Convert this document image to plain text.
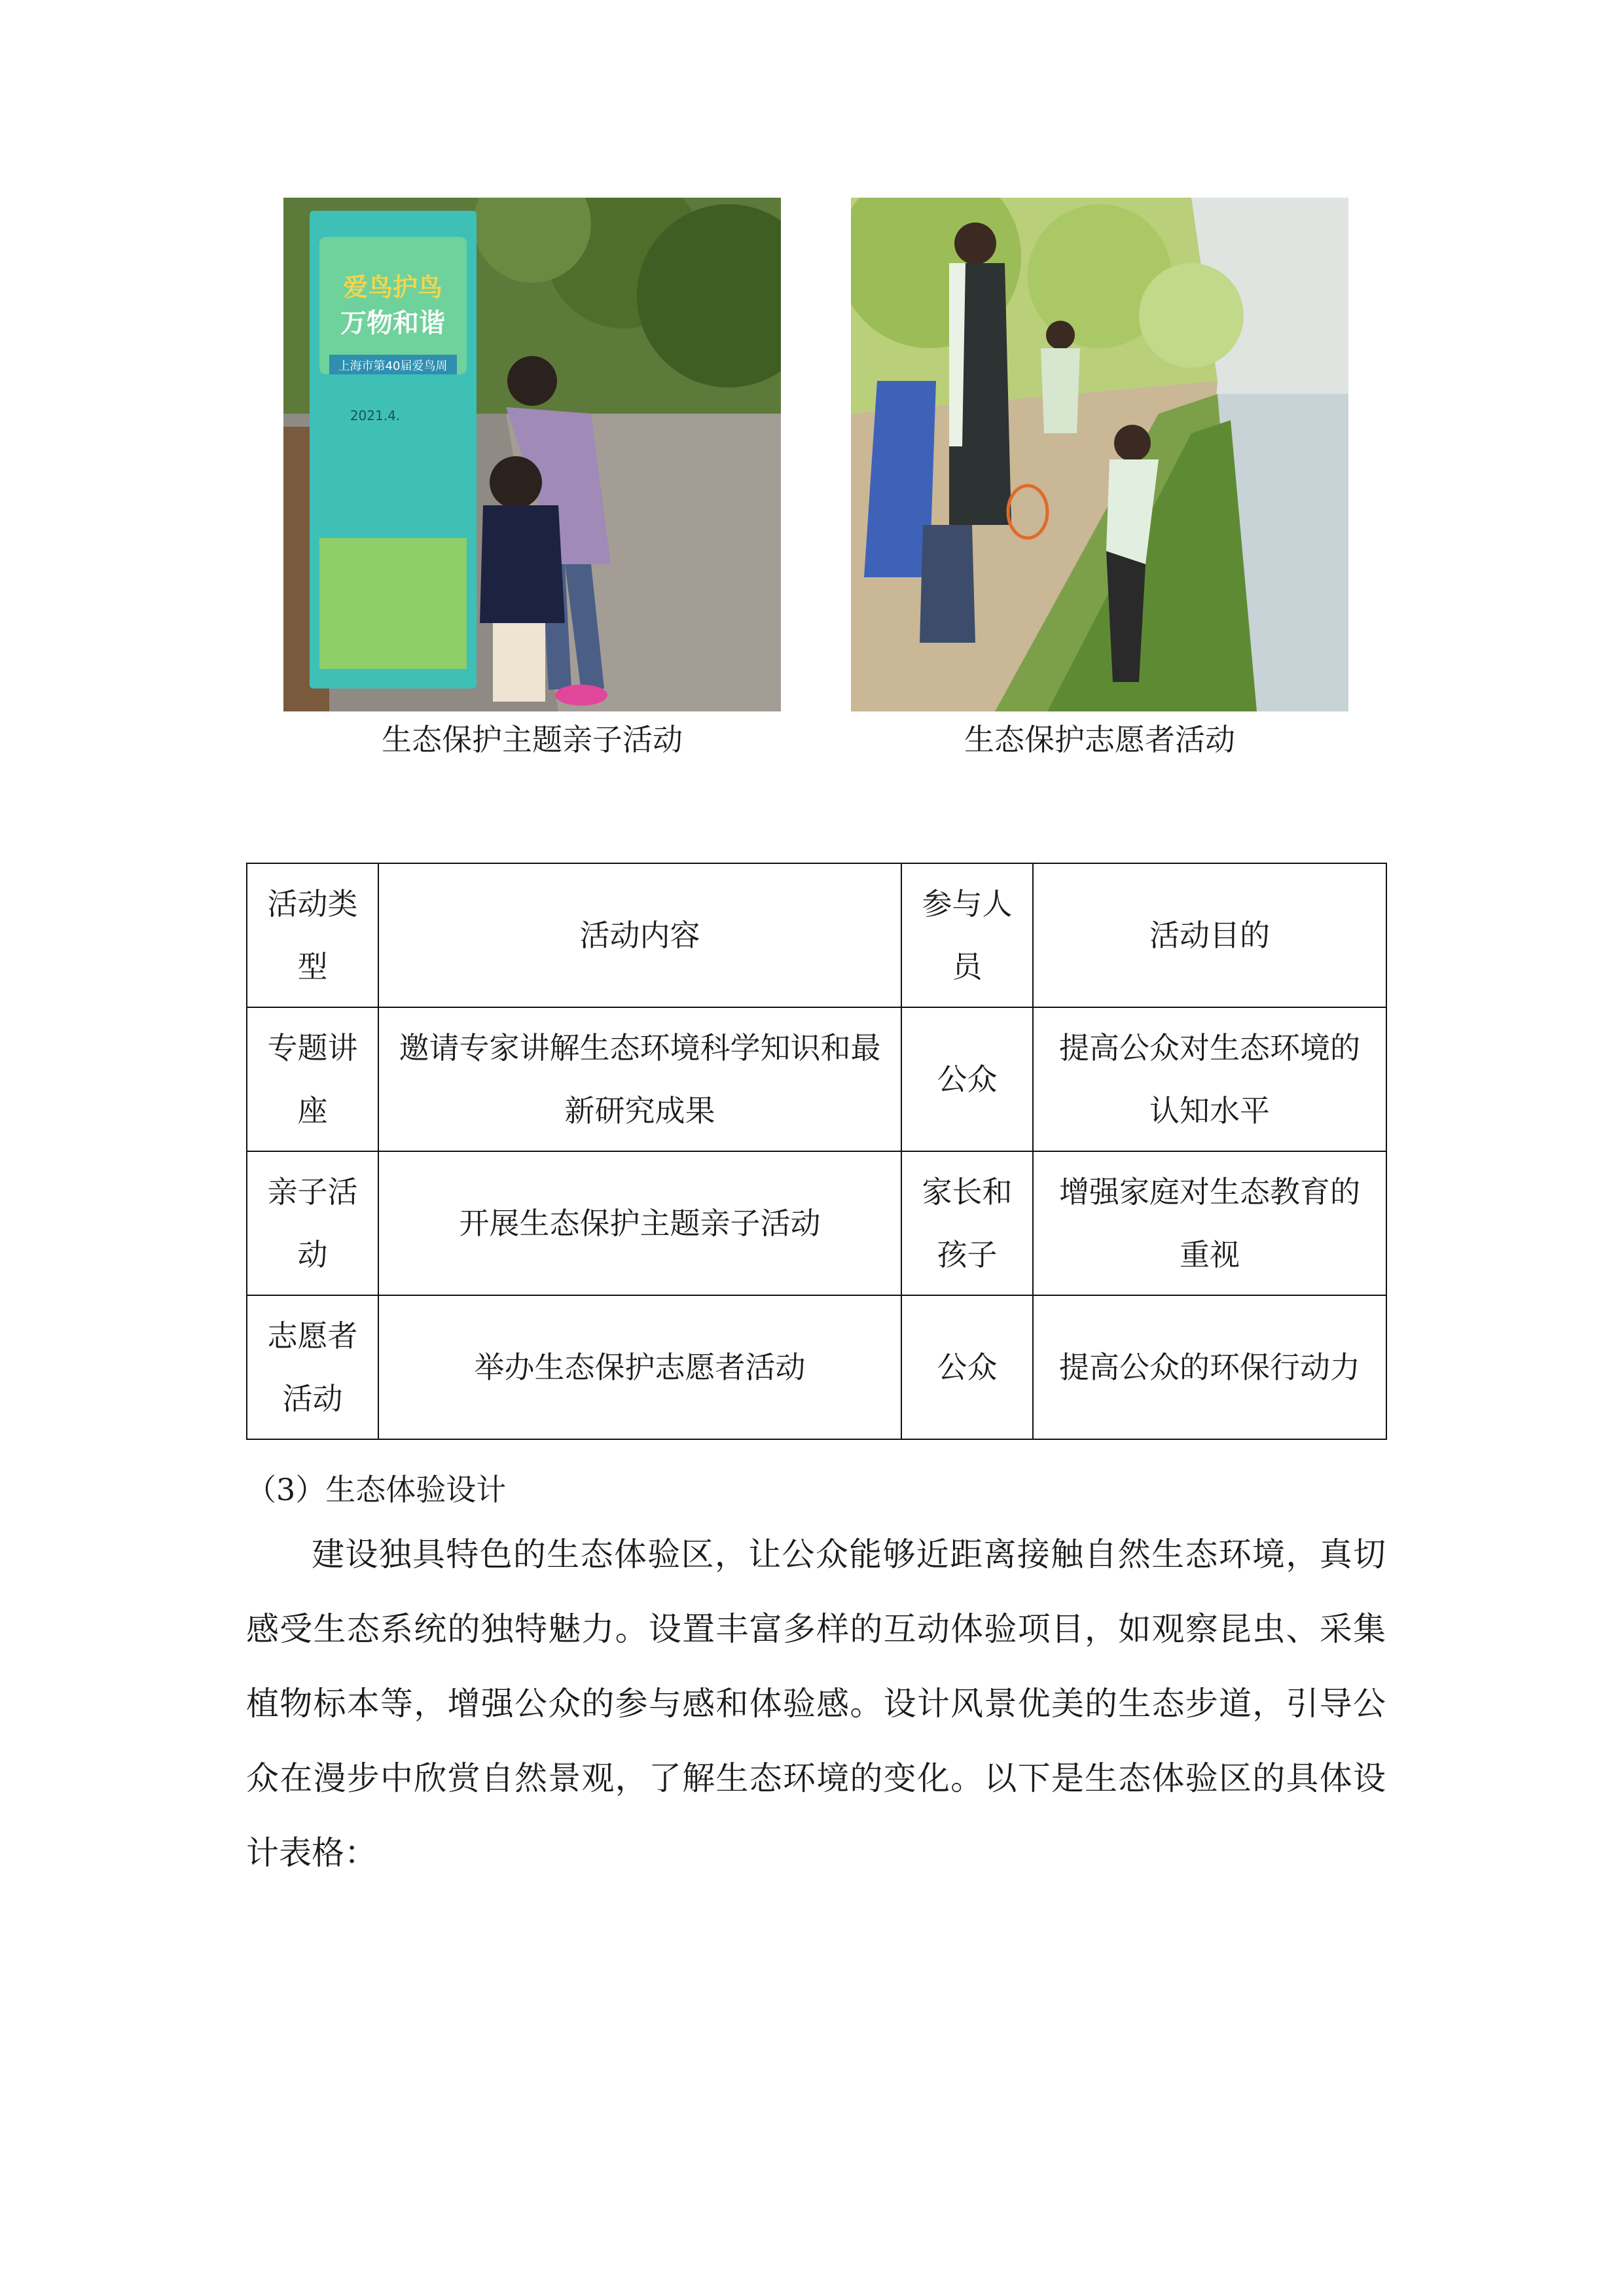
爱鸟护鸟
万物和谐
上海市第40届爱鸟周
2021.4.
生态保护主题亲子活动	生态保护志愿者活动
活动类型	活动内容	参与人员	活动目的
专题讲座	邀请专家讲解生态环境科学知识和最新研究成果	公众	提高公众对生态环境的认知水平
亲子活动	开展生态保护主题亲子活动	家长和孩子	增强家庭对生态教育的重视
志愿者活动	举办生态保护志愿者活动	公众	提高公众的环保行动力
（3）生态体验设计

建设独具特色的生态体验区，让公众能够近距离接触自然生态环境，真切感受生态系统的独特魅力。设置丰富多样的互动体验项目，如观察昆虫、采集植物标本等，增强公众的参与感和体验感。设计风景优美的生态步道，引导公众在漫步中欣赏自然景观，了解生态环境的变化。以下是生态体验区的具体设计表格：
